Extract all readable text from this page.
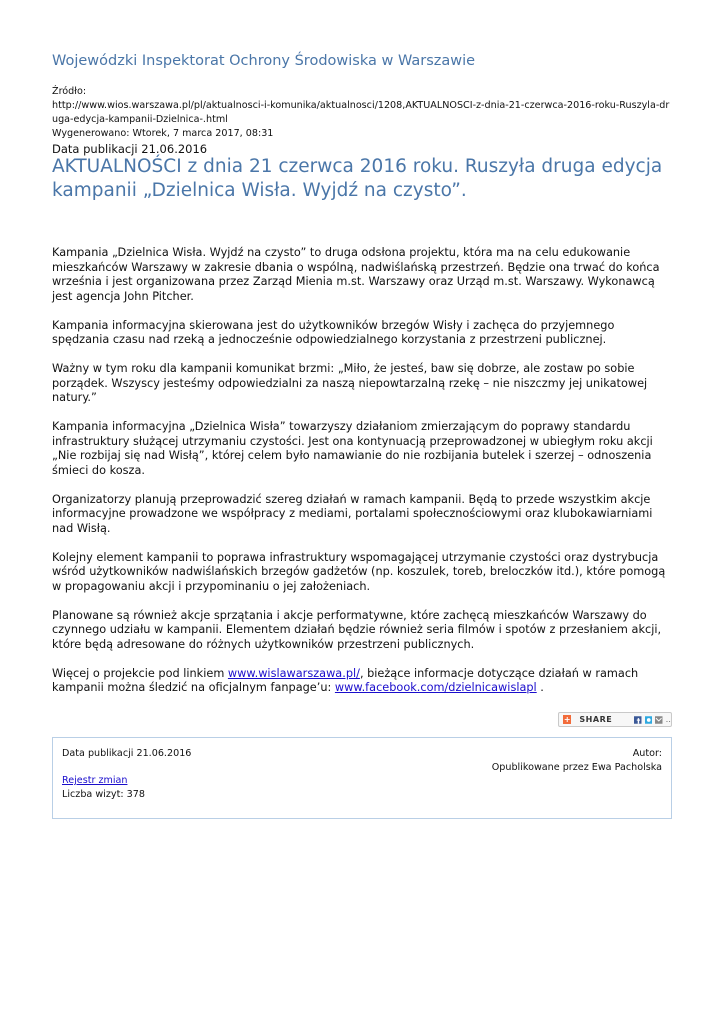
Wojewódzki Inspektorat Ochrony Środowiska w Warszawie
Źródło:
http://www.wios.warszawa.pl/pl/aktualnosci-i-komunika/aktualnosci/1208,AKTUALNOSCI-z-dnia-21-czerwca-2016-roku-Ruszyla-druga-edycja-kampanii-Dzielnica-.html
Wygenerowano: Wtorek, 7 marca 2017, 08:31
Data publikacji 21.06.2016
AKTUALNOŚCI z dnia 21 czerwca 2016 roku. Ruszyła druga edycja kampanii „Dzielnica Wisła. Wyjdź na czysto”.

Kampania „Dzielnica Wisła. Wyjdź na czysto” to druga odsłona projektu, która ma na celu edukowanie mieszkańców Warszawy w zakresie dbania o wspólną, nadwiślańską przestrzeń. Będzie ona trwać do końca września i jest organizowana przez Zarząd Mienia m.st. Warszawy oraz Urząd m.st. Warszawy. Wykonawcą jest agencja John Pitcher.

Kampania informacyjna skierowana jest do użytkowników brzegów Wisły i zachęca do przyjemnego spędzania czasu nad rzeką a jednocześnie odpowiedzialnego korzystania z przestrzeni publicznej.

Ważny w tym roku dla kampanii komunikat brzmi: „Miło, że jesteś, baw się dobrze, ale zostaw po sobie porządek. Wszyscy jesteśmy odpowiedzialni za naszą niepowtarzalną rzekę – nie niszczmy jej unikatowej natury.”

Kampania informacyjna „Dzielnica Wisła” towarzyszy działaniom zmierzającym do poprawy standardu infrastruktury służącej utrzymaniu czystości. Jest ona kontynuacją przeprowadzonej w ubiegłym roku akcji „Nie rozbijaj się nad Wisłą”, której celem było namawianie do nie rozbijania butelek i szerzej – odnoszenia śmieci do kosza.

Organizatorzy planują przeprowadzić szereg działań w ramach kampanii. Będą to przede wszystkim akcje informacyjne prowadzone we współpracy z mediami, portalami społecznościowymi oraz klubokawiarniami nad Wisłą.

Kolejny element kampanii to poprawa infrastruktury wspomagającej utrzymanie czystości oraz dystrybucja wśród użytkowników nadwiślańskich brzegów gadżetów (np. koszulek, toreb, breloczków itd.), które pomogą w propagowaniu akcji i przypominaniu o jej założeniach.

Planowane są również akcje sprzątania i akcje performatywne, które zachęcą mieszkańców Warszawy do czynnego udziału w kampanii. Elementem działań będzie również seria filmów i spotów z przesłaniem akcji, które będą adresowane do różnych użytkowników przestrzeni publicznych.

Więcej o projekcie pod linkiem www.wislawarszawa.pl/, bieżące informacje dotyczące działań w ramach kampanii można śledzić na oficjalnym fanpage’u: www.facebook.com/dzielnicawislapl .

+ SHARE	‥
Data publikacji 21.06.2016	Autor:
Opublikowane przez Ewa Pacholska
Rejestr zmian
Liczba wizyt: 378
